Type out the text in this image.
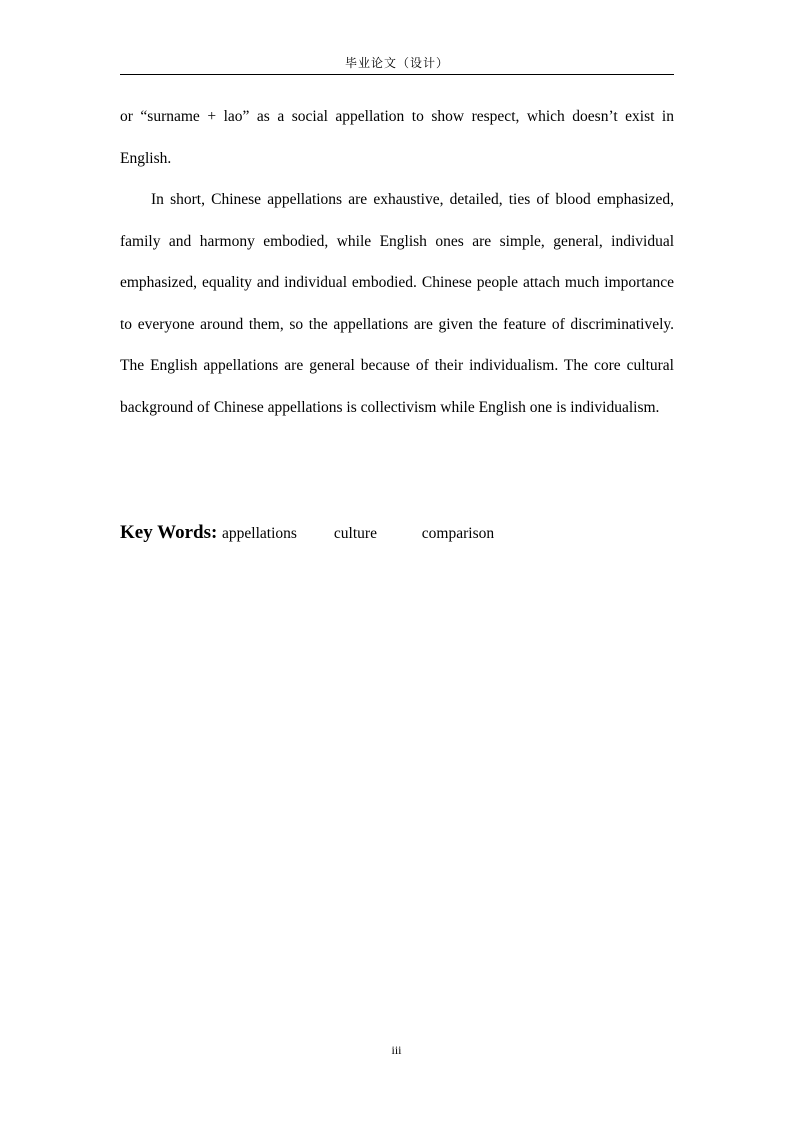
毕业论文（设计）

or “surname + lao” as a social appellation to show respect, which doesn’t exist in English.

In short, Chinese appellations are exhaustive, detailed, ties of blood emphasized, family and harmony embodied, while English ones are simple, general, individual emphasized, equality and individual embodied. Chinese people attach much importance to everyone around them, so the appellations are given the feature of discriminatively. The English appellations are general because of their individualism. The core cultural background of Chinese appellations is collectivism while English one is individualism.

Key Words: appellations culture	comparison
iii
